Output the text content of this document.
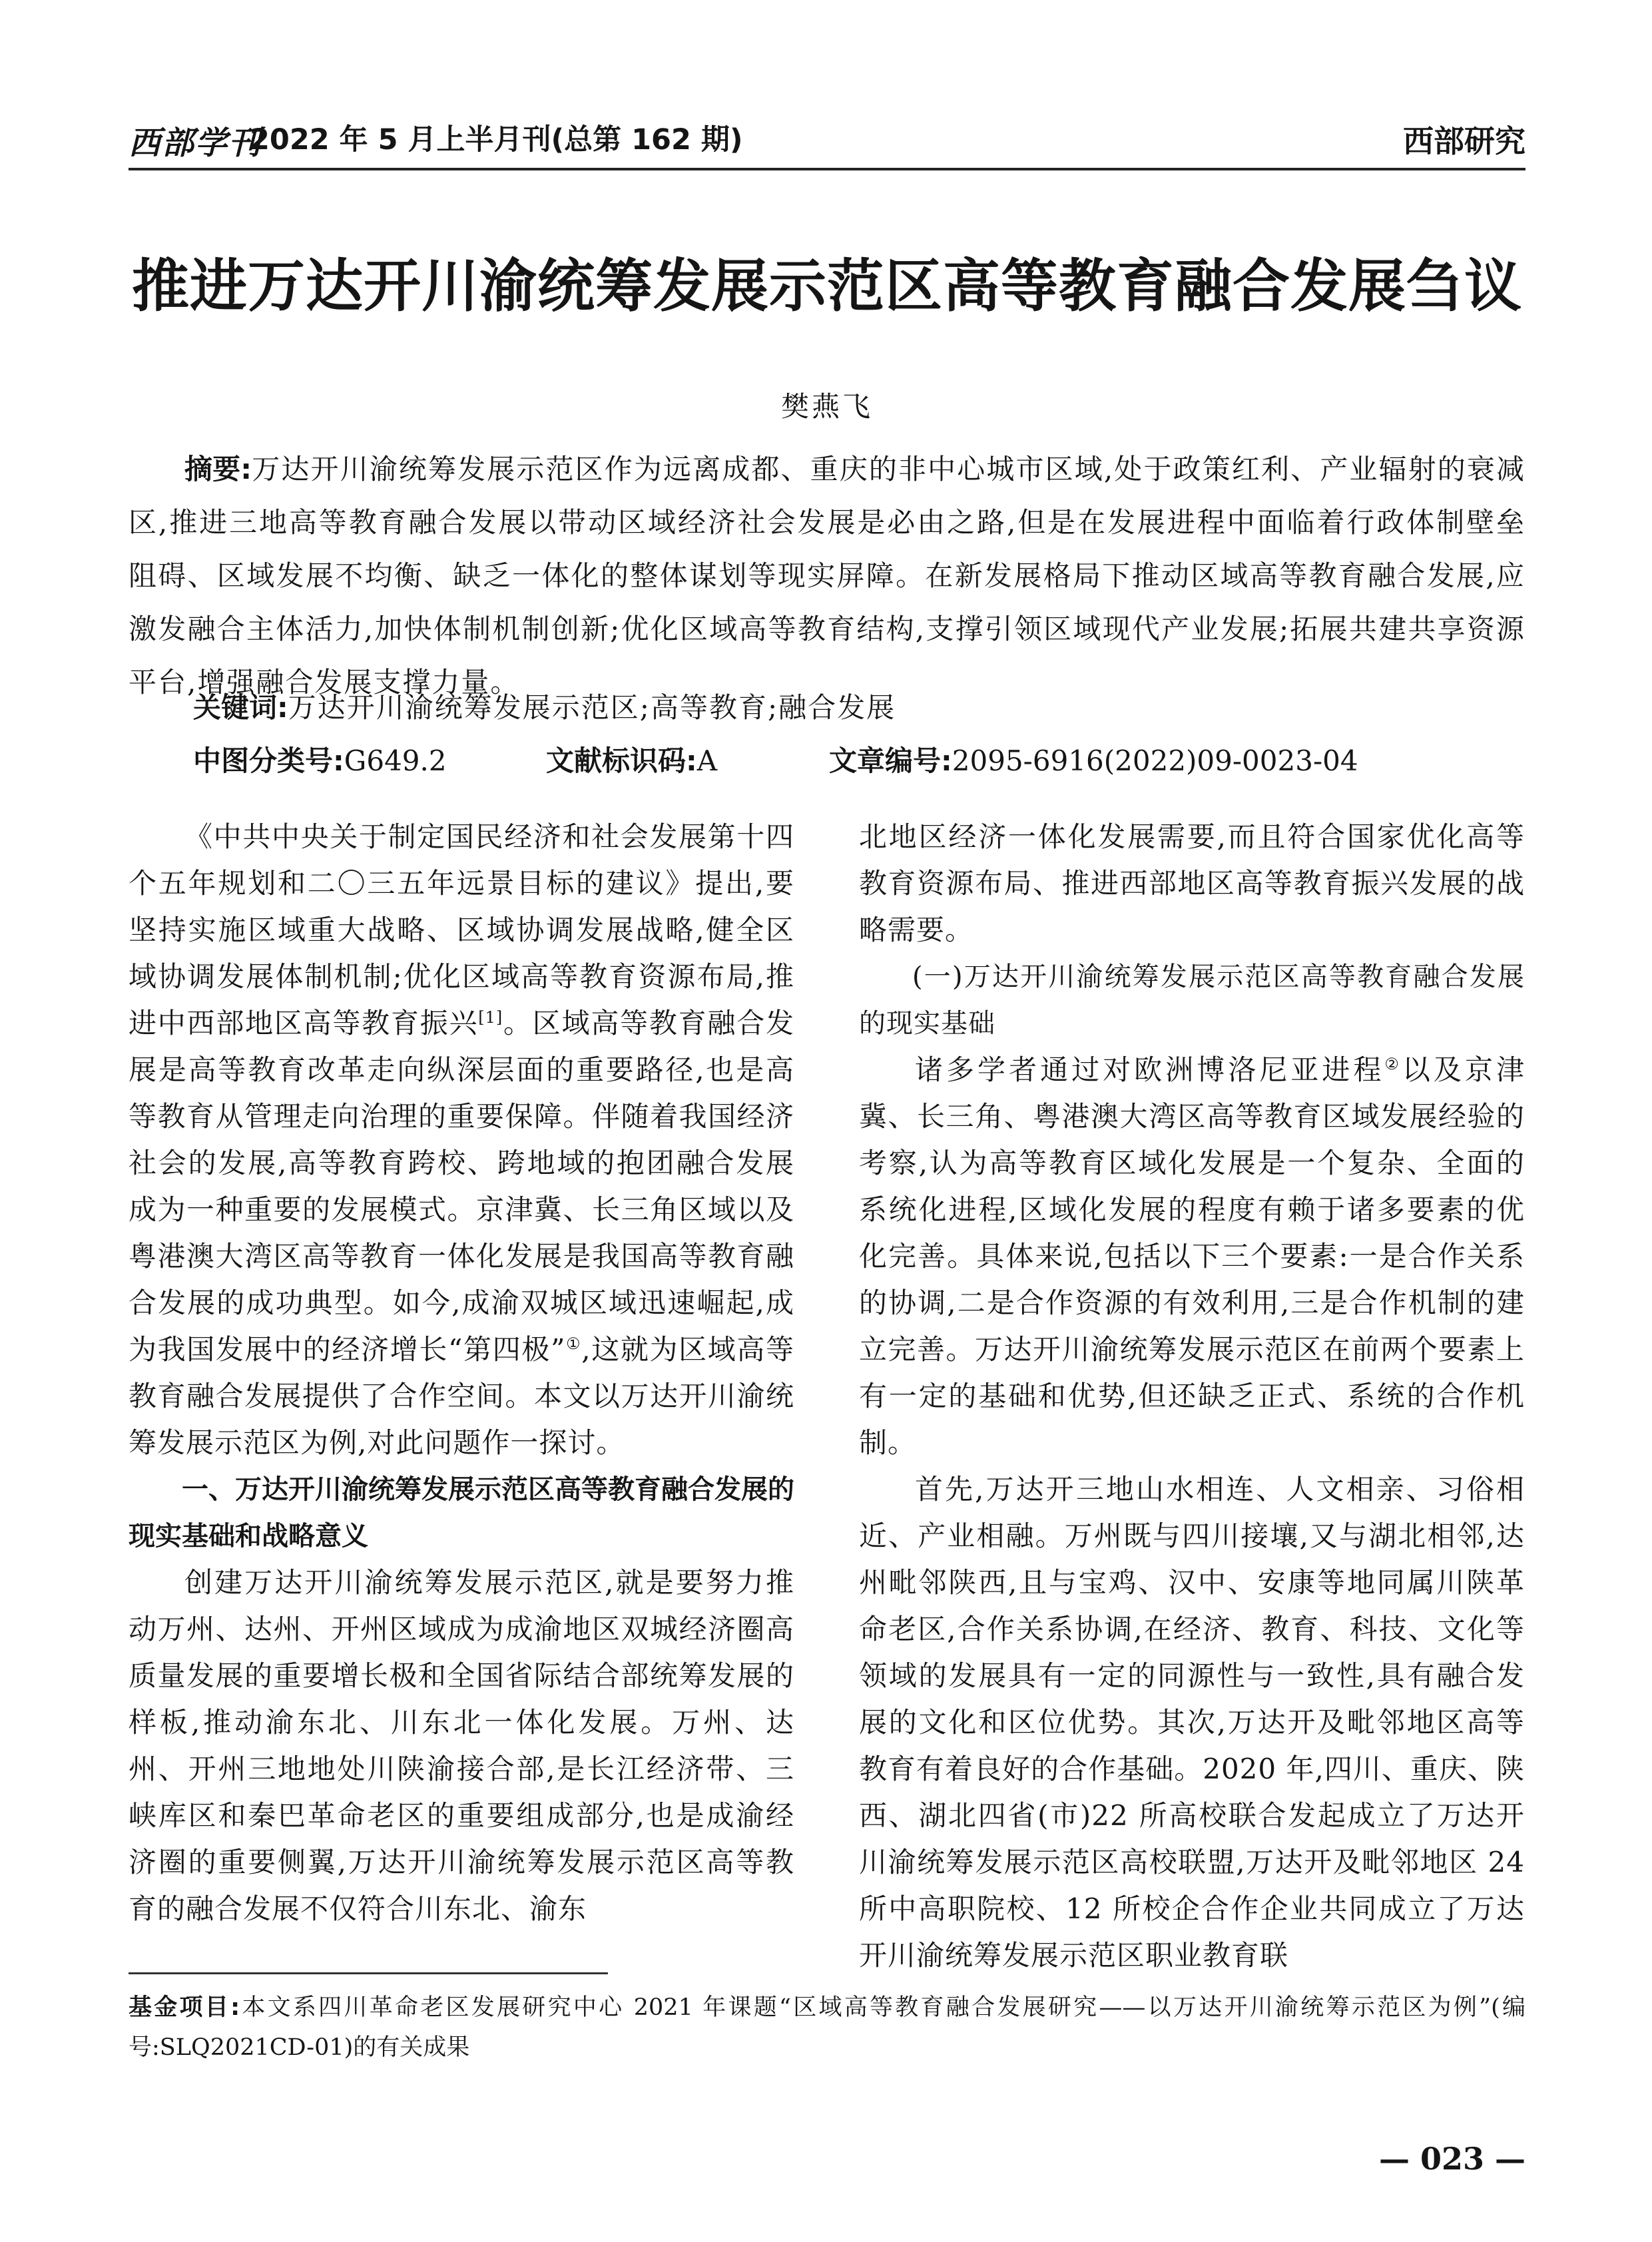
西部学刊
2022 年 5 月上半月刊(总第 162 期)	西部研究
推进万达开川渝统筹发展示范区高等教育融合发展刍议
樊燕飞
摘要:万达开川渝统筹发展示范区作为远离成都、重庆的非中心城市区域,处于政策红利、产业辐射的衰减区,推进三地高等教育融合发展以带动区域经济社会发展是必由之路,但是在发展进程中面临着行政体制壁垒阻碍、区域发展不均衡、缺乏一体化的整体谋划等现实屏障。在新发展格局下推动区域高等教育融合发展,应激发融合主体活力,加快体制机制创新;优化区域高等教育结构,支撑引领区域现代产业发展;拓展共建共享资源平台,增强融合发展支撑力量。
关键词:万达开川渝统筹发展示范区;高等教育;融合发展
中图分类号:G649.2	文献标识码:A	文章编号:2095-6916(2022)09-0023-04

《中共中央关于制定国民经济和社会发展第十四个五年规划和二〇三五年远景目标的建议》提出,要坚持实施区域重大战略、区域协调发展战略,健全区域协调发展体制机制;优化区域高等教育资源布局,推进中西部地区高等教育振兴[1]。区域高等教育融合发展是高等教育改革走向纵深层面的重要路径,也是高等教育从管理走向治理的重要保障。伴随着我国经济社会的发展,高等教育跨校、跨地域的抱团融合发展成为一种重要的发展模式。京津冀、长三角区域以及粤港澳大湾区高等教育一体化发展是我国高等教育融合发展的成功典型。如今,成渝双城区域迅速崛起,成为我国发展中的经济增长“第四极”①,这就为区域高等教育融合发展提供了合作空间。本文以万达开川渝统筹发展示范区为例,对此问题作一探讨。

一、万达开川渝统筹发展示范区高等教育融合发展的现实基础和战略意义

创建万达开川渝统筹发展示范区,就是要努力推动万州、达州、开州区域成为成渝地区双城经济圈高质量发展的重要增长极和全国省际结合部统筹发展的样板,推动渝东北、川东北一体化发展。万州、达州、开州三地地处川陕渝接合部,是长江经济带、三峡库区和秦巴革命老区的重要组成部分,也是成渝经济圈的重要侧翼,万达开川渝统筹发展示范区高等教育的融合发展不仅符合川东北、渝东

北地区经济一体化发展需要,而且符合国家优化高等教育资源布局、推进西部地区高等教育振兴发展的战略需要。

(一)万达开川渝统筹发展示范区高等教育融合发展的现实基础

诸多学者通过对欧洲博洛尼亚进程②以及京津冀、长三角、粤港澳大湾区高等教育区域发展经验的考察,认为高等教育区域化发展是一个复杂、全面的系统化进程,区域化发展的程度有赖于诸多要素的优化完善。具体来说,包括以下三个要素:一是合作关系的协调,二是合作资源的有效利用,三是合作机制的建立完善。万达开川渝统筹发展示范区在前两个要素上有一定的基础和优势,但还缺乏正式、系统的合作机制。

首先,万达开三地山水相连、人文相亲、习俗相近、产业相融。万州既与四川接壤,又与湖北相邻,达州毗邻陕西,且与宝鸡、汉中、安康等地同属川陕革命老区,合作关系协调,在经济、教育、科技、文化等领域的发展具有一定的同源性与一致性,具有融合发展的文化和区位优势。其次,万达开及毗邻地区高等教育有着良好的合作基础。2020 年,四川、重庆、陕西、湖北四省(市)22 所高校联合发起成立了万达开川渝统筹发展示范区高校联盟,万达开及毗邻地区 24 所中高职院校、12 所校企合作企业共同成立了万达开川渝统筹发展示范区职业教育联

基金项目:本文系四川革命老区发展研究中心 2021 年课题“区域高等教育融合发展研究——以万达开川渝统筹示范区为例”(编号:SLQ2021CD-01)的有关成果
— 023 —
